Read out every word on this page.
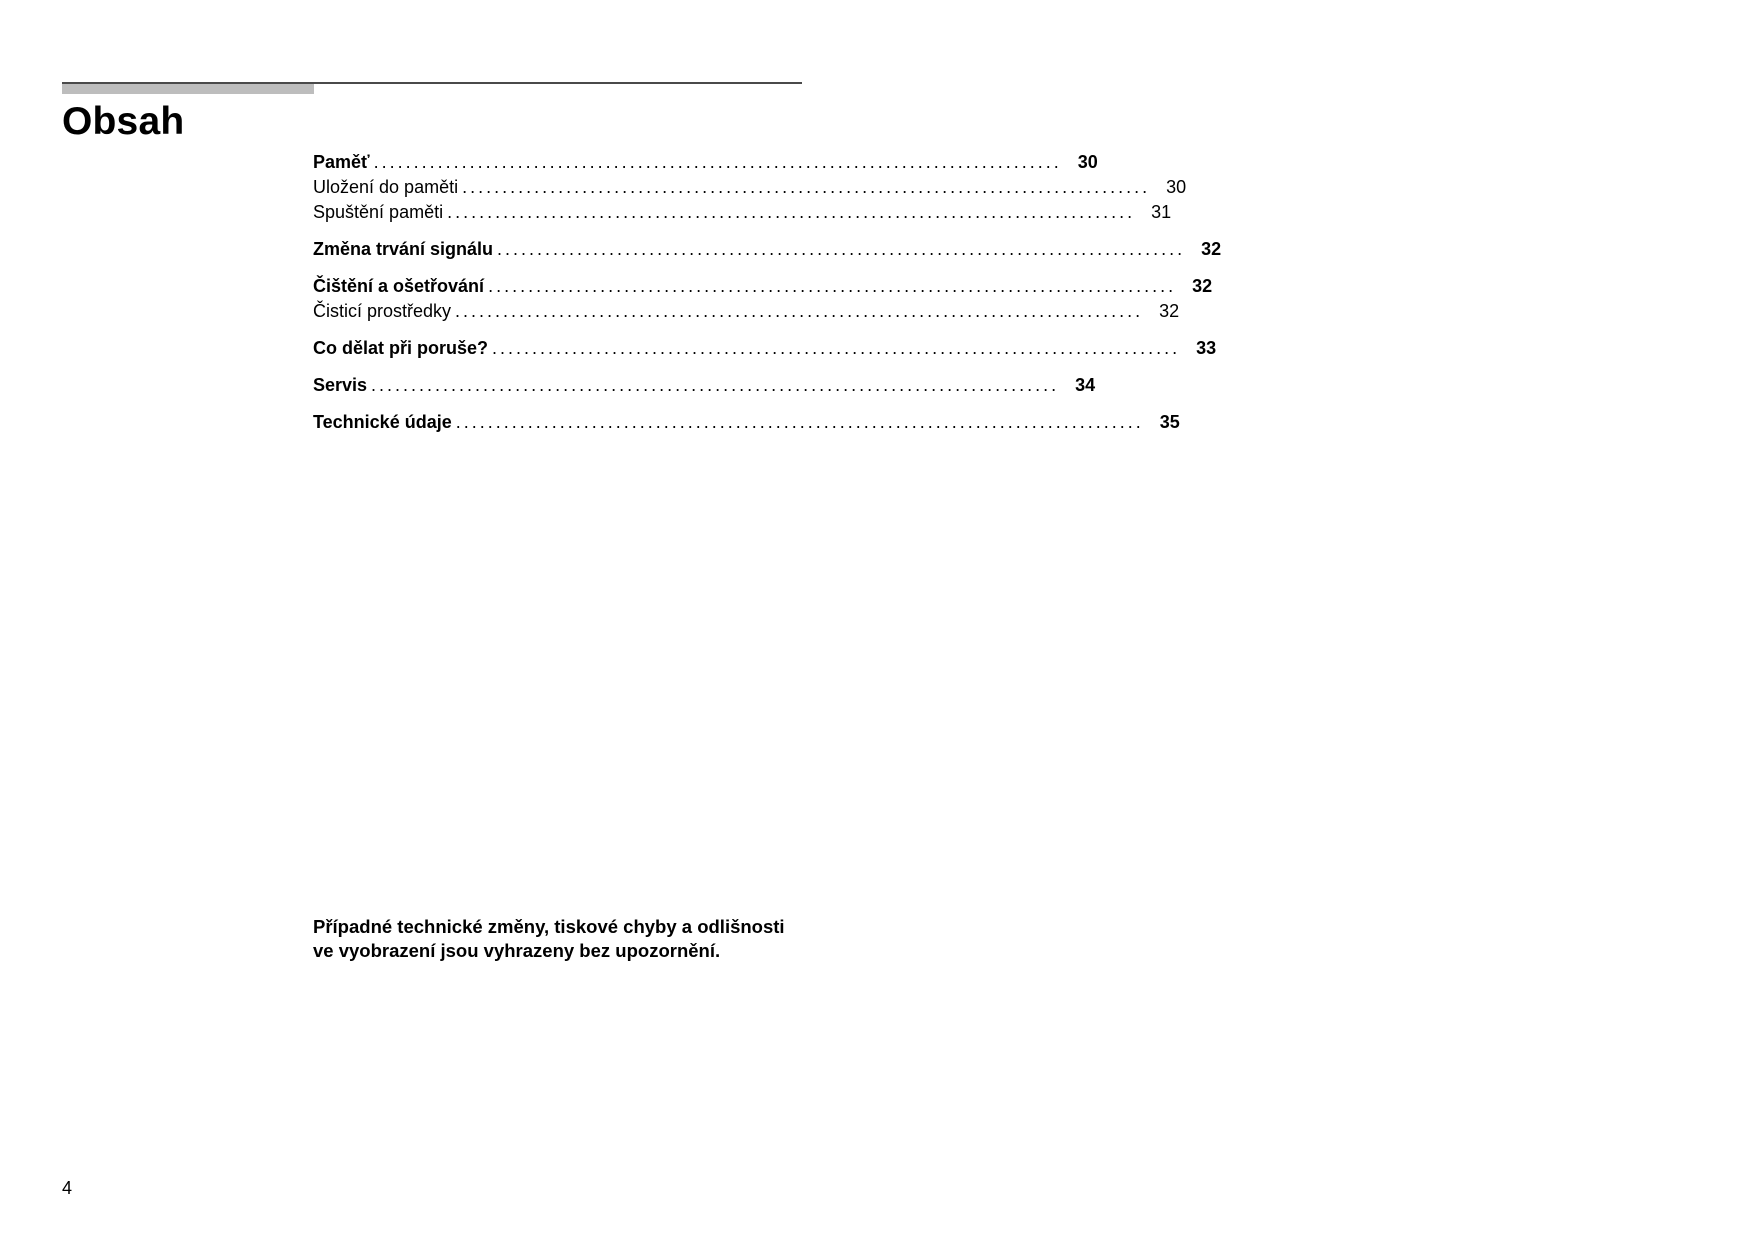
Obsah
Paměť ...................................................................................... 30
Uložení do paměti ...................................................................................... 30
Spuštění paměti ...................................................................................... 31
Změna trvání signálu ...................................................................................... 32
Čištění a ošetřování ...................................................................................... 32
Čisticí prostředky ...................................................................................... 32
Co dělat při poruše? ...................................................................................... 33
Servis ...................................................................................... 34
Technické údaje ...................................................................................... 35

Případné technické změny, tiskové chyby a odlišnosti
ve vyobrazení jsou vyhrazeny bez upozornění.

4
